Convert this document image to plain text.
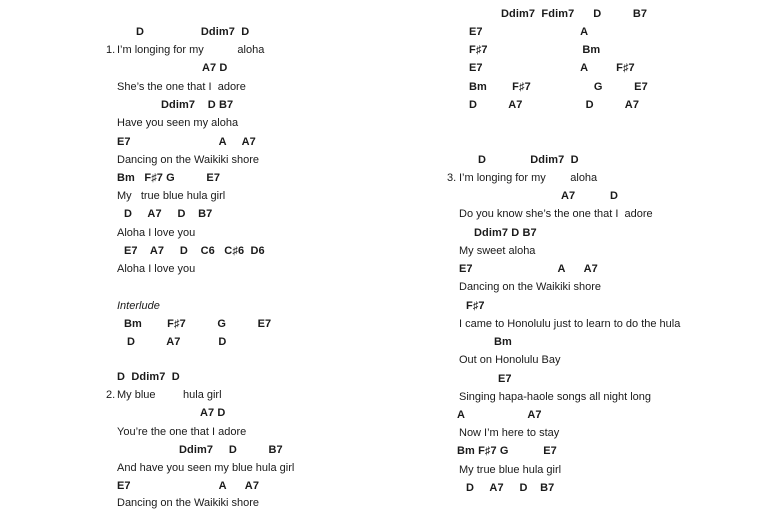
D                  Ddim7  D
1. I’m longing for my           aloha
A7 D
She’s the one that I  adore
Ddim7    D B7
Have you seen my aloha
E7                            A     A7
Dancing on the Waikiki shore
Bm   F♯7 G          E7
My   true blue hula girl
D     A7     D    B7
Aloha I love you
E7    A7     D    C6   C♯6  D6
Aloha I love you
Interlude
Bm        F♯7          G          E7
D          A7            D
D  Ddim7  D
2. My blue         hula girl
A7 D
You’re the one that I adore
Ddim7     D          B7
And have you seen my blue hula girl
E7                            A      A7
Dancing on the Waikiki shore
Ddim7  Fdim7      D          B7
E7                               A
F♯7                              Bm
E7                               A         F♯7
Bm        F♯7                    G          E7
D          A7                    D          A7
D              Ddim7  D
3. I’m longing for my        aloha
A7           D
Do you know she’s the one that I  adore
Ddim7 D B7
My sweet aloha
E7                           A      A7
Dancing on the Waikiki shore
F♯7
I came to Honolulu just to learn to do the hula
Bm
Out on Honolulu Bay
E7
Singing hapa-haole songs all night long
A                    A7
Now I’m here to stay
Bm F♯7 G           E7
My true blue hula girl
D     A7     D    B7
